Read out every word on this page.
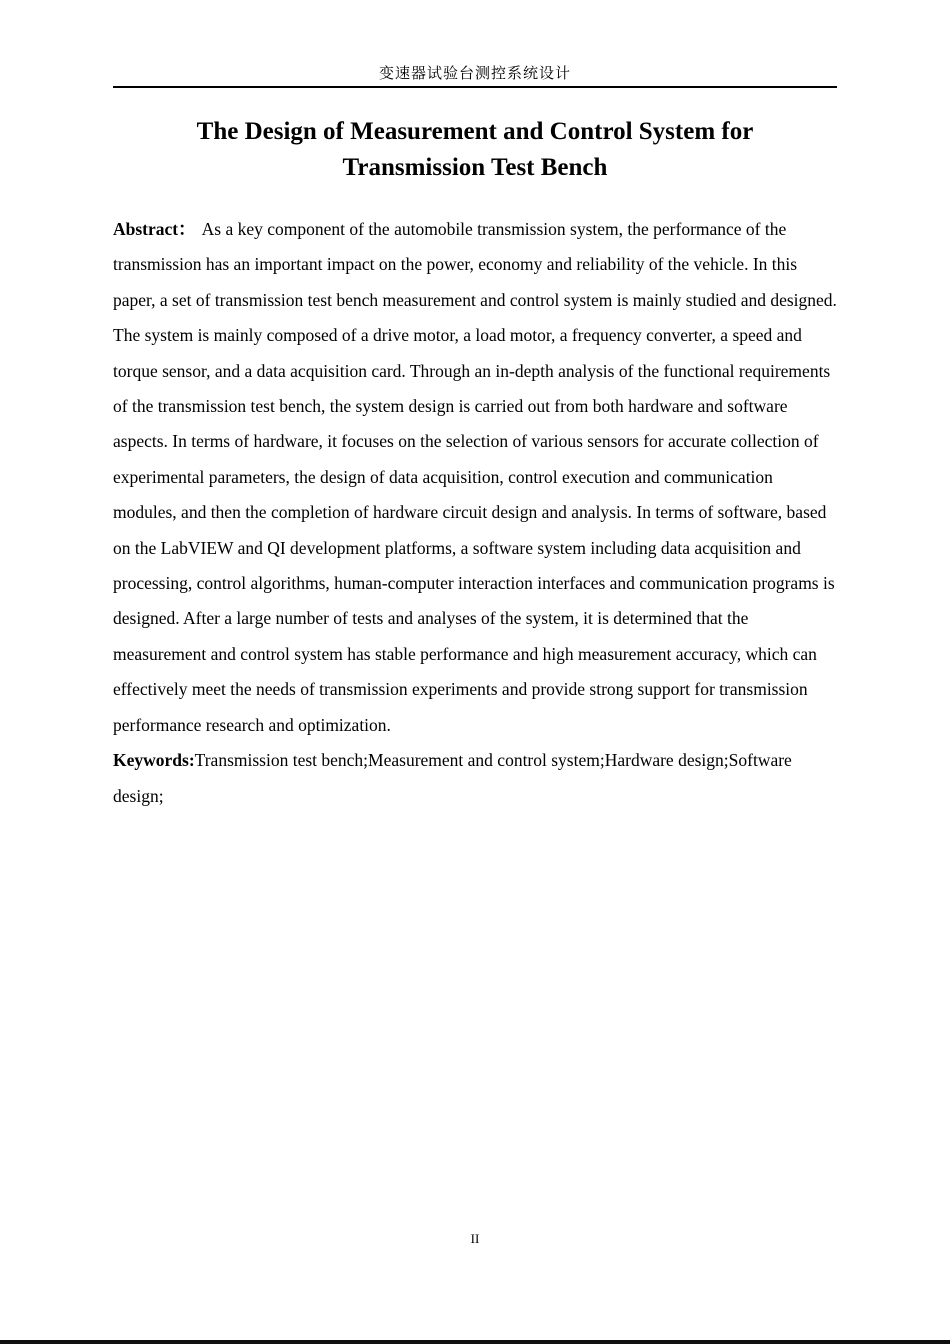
变速器试验台测控系统设计
The Design of Measurement and Control System for Transmission Test Bench

Abstract： As a key component of the automobile transmission system, the performance of the transmission has an important impact on the power, economy and reliability of the vehicle. In this paper, a set of transmission test bench measurement and control system is mainly studied and designed. The system is mainly composed of a drive motor, a load motor, a frequency converter, a speed and torque sensor, and a data acquisition card. Through an in-depth analysis of the functional requirements of the transmission test bench, the system design is carried out from both hardware and software aspects. In terms of hardware, it focuses on the selection of various sensors for accurate collection of experimental parameters, the design of data acquisition, control execution and communication modules, and then the completion of hardware circuit design and analysis. In terms of software, based on the LabVIEW and QI development platforms, a software system including data acquisition and processing, control algorithms, human-computer interaction interfaces and communication programs is designed. After a large number of tests and analyses of the system, it is determined that the measurement and control system has stable performance and high measurement accuracy, which can effectively meet the needs of transmission experiments and provide strong support for transmission performance research and optimization.

Keywords:Transmission test bench;Measurement and control system;Hardware design;Software design;

II
